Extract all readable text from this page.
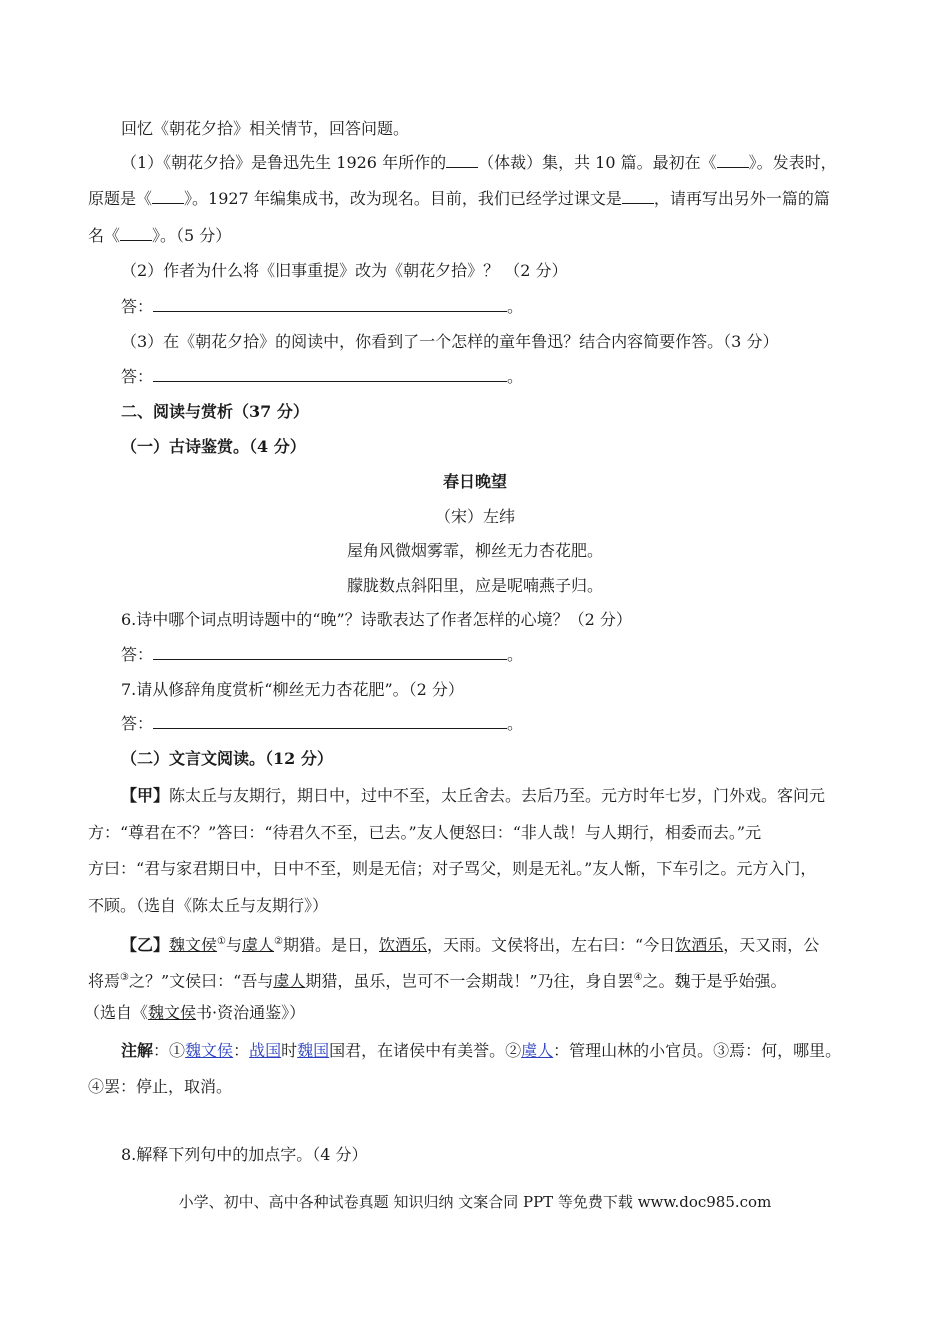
回忆《朝花夕拾》相关情节，回答问题。
（1）《朝花夕拾》是鲁迅先生 1926 年所作的 （体裁）集，共 10 篇。最初在《 》。发表时，
原题是《 》。1927 年编集成书，改为现名。目前，我们已经学过课文是 ，请再写出另外一篇的篇
名《 》。（5 分）
（2）作者为什么将《旧事重提》改为《朝花夕拾》？ （2 分）
答：	。
（3）在《朝花夕拾》的阅读中，你看到了一个怎样的童年鲁迅？结合内容简要作答。（3 分）
答：	。
二、阅读与赏析（37 分）
（一）古诗鉴赏。（4 分）
春日晚望
（宋）左纬
屋角风微烟雾霏，柳丝无力杏花肥。
朦胧数点斜阳里，应是呢喃燕子归。
6.诗中哪个词点明诗题中的“晚”？诗歌表达了作者怎样的心境？（2 分）
答：	。
7.请从修辞角度赏析“柳丝无力杏花肥”。（2 分）
答：	。
（二）文言文阅读。（12 分）
【甲】陈太丘与友期行，期日中，过中不至，太丘舍去。去后乃至。元方时年七岁，门外戏。客问元
方：“尊君在不？”答曰：“待君久不至，已去。”友人便怒曰：“非人哉！与人期行，相委而去。”元
方曰：“君与家君期日中，日中不至，则是无信；对子骂父，则是无礼。”友人惭，下车引之。元方入门，
不顾。（选自《陈太丘与友期行》）
【乙】魏文侯①与虞人②期猎。是日，饮酒乐，天雨。文侯将出，左右曰：“今日饮酒乐，天又雨，公
将焉③之？”文侯曰：“吾与虞人期猎，虽乐，岂可不一会期哉！”乃往，身自罢④之。魏于是乎始强。
（选自《魏文侯书·资治通鉴》）
注解：①魏文侯：战国时魏国国君，在诸侯中有美誉。②虞人：管理山林的小官员。③焉：何，哪里。
④罢：停止，取消。
8.解释下列句中的加点字。（4 分）
小学、初中、高中各种试卷真题 知识归纳 文案合同 PPT 等免费下载 www.doc985.com
